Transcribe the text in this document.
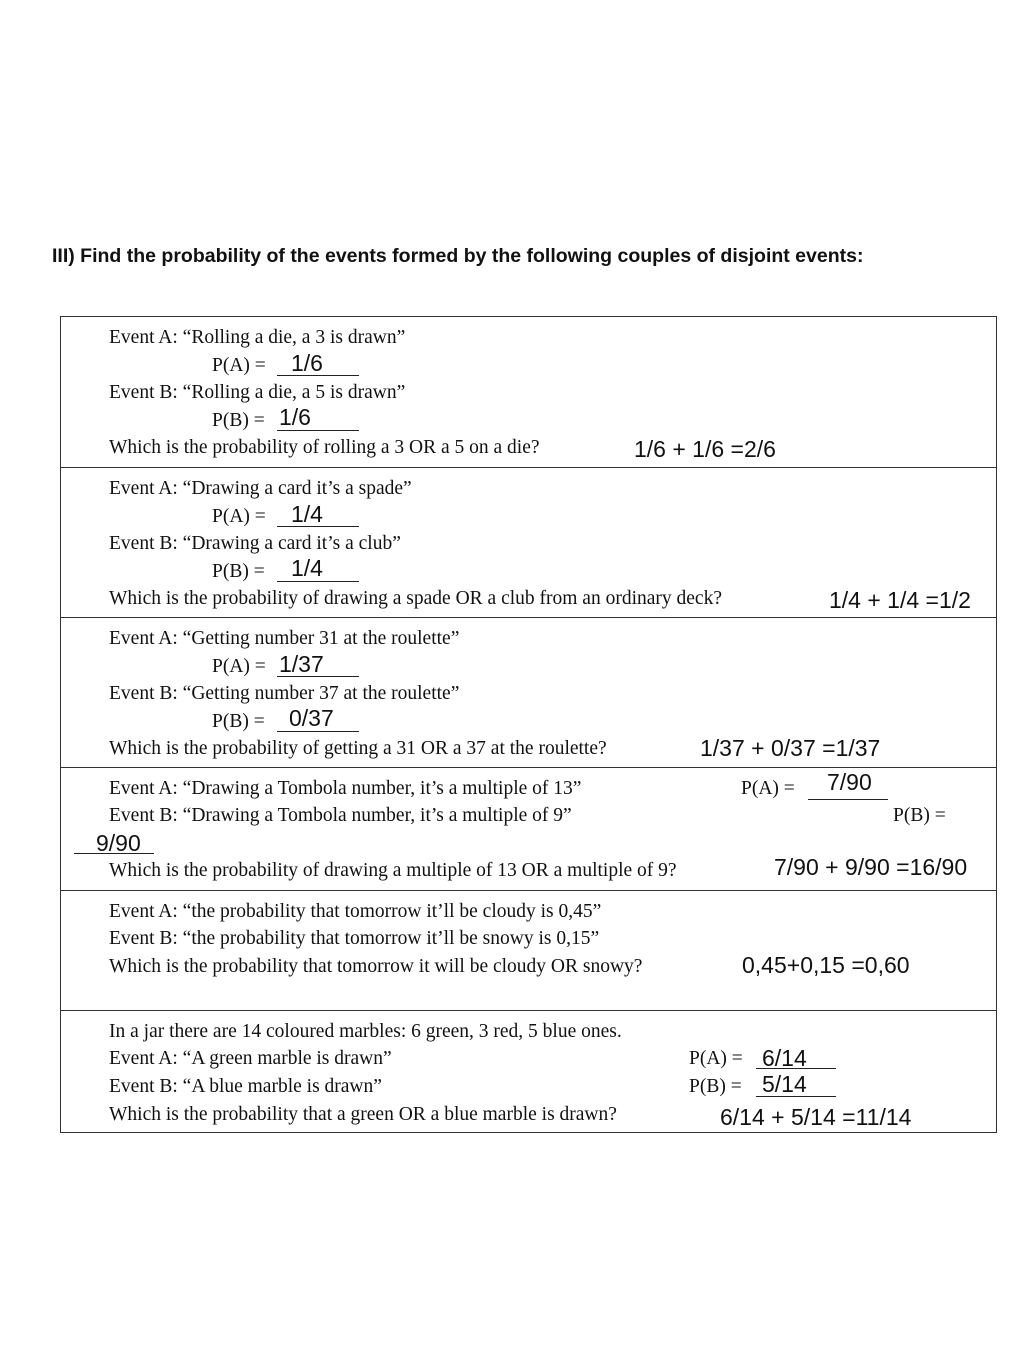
III) Find the probability of the events formed by the following couples of disjoint events:
Event A: “Rolling a die, a 3 is drawn”
P(A) = 1/6
Event B: “Rolling a die, a 5 is drawn”
P(B) = 1/6
Which is the probability of rolling a 3 OR a 5 on a die?	1/6 + 1/6 =2/6
Event A: “Drawing a card it’s a spade”
P(A) = 1/4
Event B: “Drawing a card it’s a club”
P(B) = 1/4
Which is the probability of drawing a spade OR a club from an ordinary deck?	1/4 + 1/4 =1/2
Event A: “Getting number 31 at the roulette”
P(A) = 1/37
Event B: “Getting number 37 at the roulette”
P(B) = 0/37
Which is the probability of getting a 31 OR a 37 at the roulette?	1/37 + 0/37 =1/37
Event A: “Drawing a Tombola number, it’s a multiple of 13”	P(A) = 7/90
Event B: “Drawing a Tombola number, it’s a multiple of 9”	P(B) =
9/90
Which is the probability of drawing a multiple of 13 OR a multiple of 9?	7/90 + 9/90 =16/90
Event A: “the probability that tomorrow it’ll be cloudy is 0,45”
Event B: “the probability that tomorrow it’ll be snowy is 0,15”
Which is the probability that tomorrow it will be cloudy OR snowy?	0,45+0,15 =0,60
In a jar there are 14 coloured marbles: 6 green, 3 red, 5 blue ones.
Event A: “A green marble is drawn”	P(A) = 6/14
Event B: “A blue marble is drawn”	P(B) = 5/14
Which is the probability that a green OR a blue marble is drawn?	6/14 + 5/14 =11/14
